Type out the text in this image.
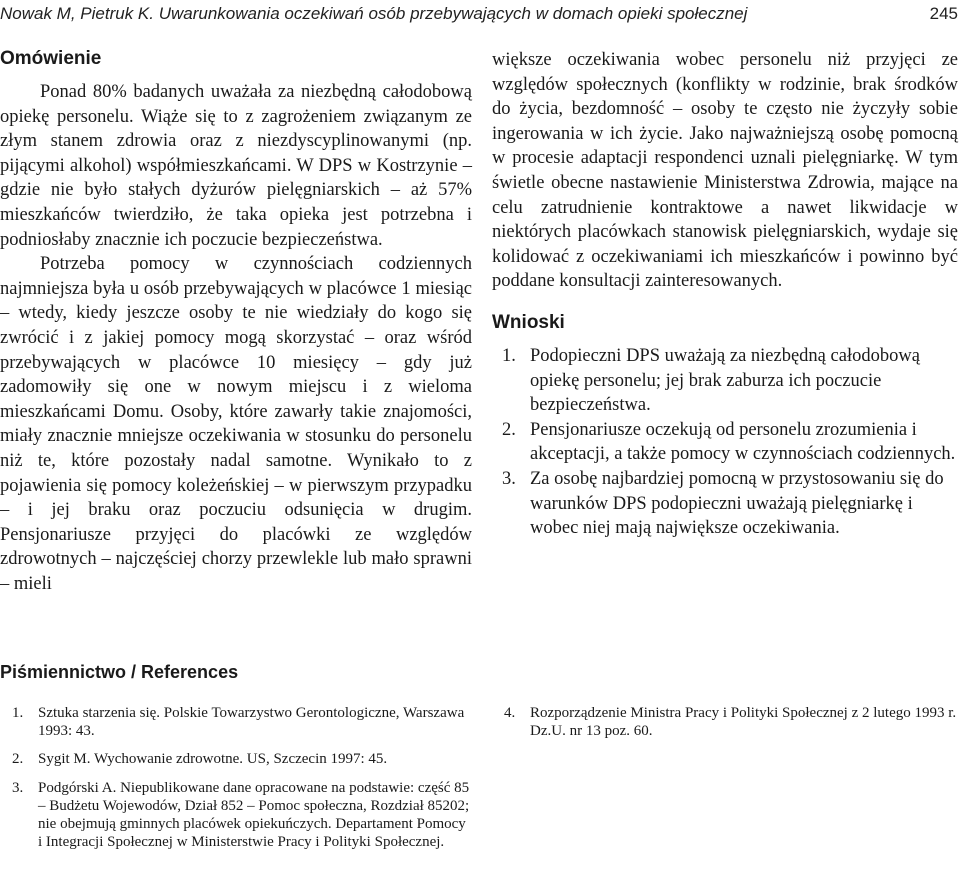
Nowak M, Pietruk K. Uwarunkowania oczekiwań osób przebywających w domach opieki społecznej	245
Omówienie

Ponad 80% badanych uważała za niezbędną całodobową opiekę personelu. Wiąże się to z zagrożeniem związanym ze złym stanem zdrowia oraz z niezdyscyplinowanymi (np. pijącymi alkohol) współmieszkańcami. W DPS w Kostrzynie – gdzie nie było stałych dyżurów pielęgniarskich – aż 57% mieszkańców twierdziło, że taka opieka jest potrzebna i podniosłaby znacznie ich poczucie bezpieczeństwa.

Potrzeba pomocy w czynnościach codziennych najmniejsza była u osób przebywających w placówce 1 miesiąc – wtedy, kiedy jeszcze osoby te nie wiedziały do kogo się zwrócić i z jakiej pomocy mogą skorzystać – oraz wśród przebywających w placówce 10 miesięcy – gdy już zadomowiły się one w nowym miejscu i z wieloma mieszkańcami Domu. Osoby, które zawarły takie znajomości, miały znacznie mniejsze oczekiwania w stosunku do personelu niż te, które pozostały nadal samotne. Wynikało to z pojawienia się pomocy koleżeńskiej – w pierwszym przypadku – i jej braku oraz poczuciu odsunięcia w drugim. Pensjonariusze przyjęci do placówki ze względów zdrowotnych – najczęściej chorzy przewlekle lub mało sprawni – mieli

większe oczekiwania wobec personelu niż przyjęci ze względów społecznych (konflikty w rodzinie, brak środków do życia, bezdomność – osoby te często nie życzyły sobie ingerowania w ich życie. Jako najważniejszą osobę pomocną w procesie adaptacji respondenci uznali pielęgniarkę. W tym świetle obecne nastawienie Ministerstwa Zdrowia, mające na celu zatrudnienie kontraktowe a nawet likwidacje w niektórych placówkach stanowisk pielęgniarskich, wydaje się kolidować z oczekiwaniami ich mieszkańców i powinno być poddane konsultacji zainteresowanych.

Wnioski
1. Podopieczni DPS uważają za niezbędną całodobową opiekę personelu; jej brak zaburza ich poczucie bezpieczeństwa.
2. Pensjonariusze oczekują od personelu zrozumienia i akceptacji, a także pomocy w czynnościach codziennych.
3. Za osobę najbardziej pomocną w przystosowaniu się do warunków DPS podopieczni uważają pielęgniarkę i wobec niej mają największe oczekiwania.
Piśmiennictwo / References
1. Sztuka starzenia się. Polskie Towarzystwo Gerontologiczne, Warszawa 1993: 43.
2. Sygit M. Wychowanie zdrowotne. US, Szczecin 1997: 45.
3. Podgórski A. Niepublikowane dane opracowane na podstawie: część 85 – Budżetu Wojewodów, Dział 852 – Pomoc społeczna, Rozdział 85202; nie obejmują gminnych placówek opiekuńczych. Departament Pomocy i Integracji Społecznej w Ministerstwie Pracy i Polityki Społecznej.
4. Rozporządzenie Ministra Pracy i Polityki Społecznej z 2 lutego 1993 r. Dz.U. nr 13 poz. 60.
